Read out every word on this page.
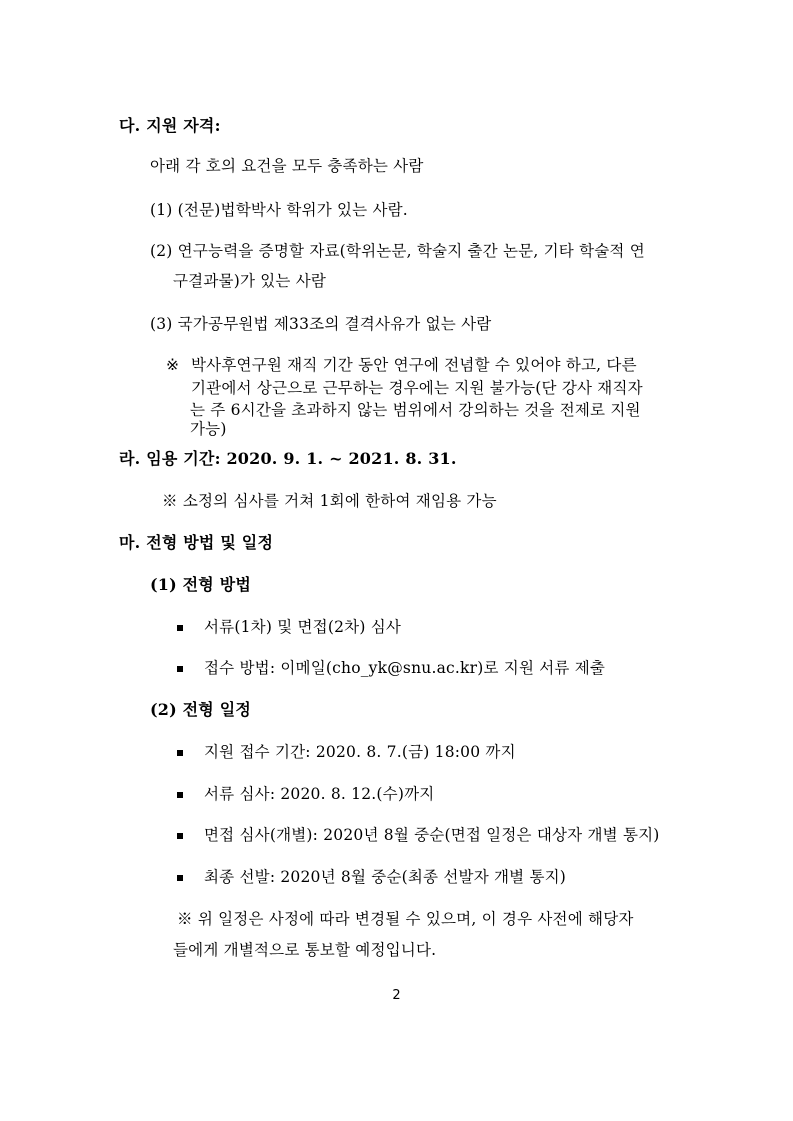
다. 지원 자격:
아래 각 호의 요건을 모두 충족하는 사람
(1) (전문)법학박사 학위가 있는 사람.
(2) 연구능력을 증명할 자료(학위논문, 학술지 출간 논문, 기타 학술적 연
구결과물)가 있는 사람
(3) 국가공무원법 제33조의 결격사유가 없는 사람
※ 박사후연구원 재직 기간 동안 연구에 전념할 수 있어야 하고, 다른
기관에서 상근으로 근무하는 경우에는 지원 불가능(단 강사 재직자
는 주 6시간을 초과하지 않는 범위에서 강의하는 것을 전제로 지원
가능)
라. 임용 기간: 2020. 9. 1. ~ 2021. 8. 31.
※ 소정의 심사를 거쳐 1회에 한하여 재임용 가능
마. 전형 방법 및 일정
(1) 전형 방법
서류(1차) 및 면접(2차) 심사
접수 방법: 이메일(cho_yk@snu.ac.kr)로 지원 서류 제출
(2) 전형 일정
지원 접수 기간: 2020. 8. 7.(금) 18:00 까지
서류 심사: 2020. 8. 12.(수)까지
면접 심사(개별): 2020년 8월 중순(면접 일정은 대상자 개별 통지)
최종 선발: 2020년 8월 중순(최종 선발자 개별 통지)
※ 위 일정은 사정에 따라 변경될 수 있으며, 이 경우 사전에 해당자
들에게 개별적으로 통보할 예정입니다.
2
